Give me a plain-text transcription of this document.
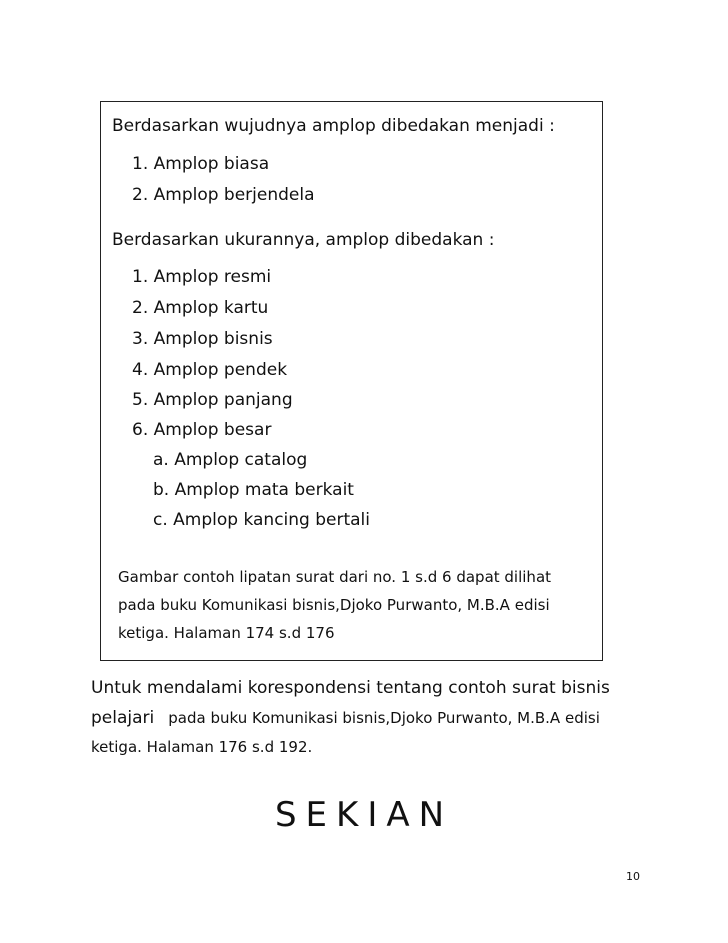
Berdasarkan wujudnya amplop dibedakan menjadi :
1. Amplop biasa
2. Amplop berjendela
Berdasarkan ukurannya, amplop dibedakan :
1. Amplop resmi
2. Amplop kartu
3. Amplop bisnis
4. Amplop pendek
5. Amplop panjang
6. Amplop besar
a. Amplop catalog
b. Amplop mata berkait
c. Amplop kancing bertali
Gambar contoh lipatan surat dari no. 1 s.d 6 dapat dilihat
pada buku Komunikasi bisnis,Djoko Purwanto, M.B.A edisi
ketiga. Halaman 174 s.d 176
Untuk mendalami korespondensi tentang contoh surat bisnis
pelajari pada buku Komunikasi bisnis,Djoko Purwanto, M.B.A edisi
ketiga. Halaman 176 s.d 192.
SEKIAN
10
